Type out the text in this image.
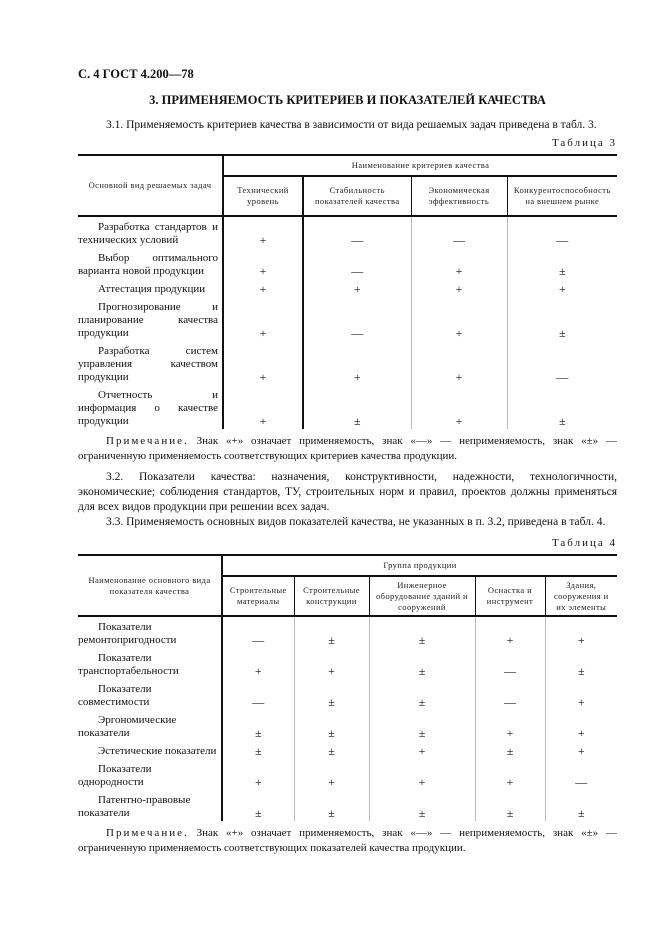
С. 4 ГОСТ 4.200—78
3. ПРИМЕНЯЕМОСТЬ КРИТЕРИЕВ И ПОКАЗАТЕЛЕЙ КАЧЕСТВА
3.1. Применяемость критериев качества в зависимости от вида решаемых задач приведена в табл. 3.
Таблица 3
Основной вид решаемых задач	Наименование критериев качества			
	Технический уровень	Стабильность показателей качества	Экономическая эффективность	Конкурентоспособность на внешнем рынке

Разработка стандартов и технических условий	+	—	—	—

Выбор оптимального варианта новой продукции	+	—	+	±

Аттестация продукции	+	+	+	+

Прогнозирование и планирование качества продукции	+	—	+	±

Разработка систем управления качеством продукции	+	+	+	—

Отчетность и информация о качестве продукции	+	±	+	±
Примечание. Знак «+» означает применяемость, знак «—» — неприменяемость, знак «±» — ограниченную применяемость соответствующих критериев качества продукции.
3.2. Показатели качества: назначения, конструктивности, надежности, технологичности, экономические; соблюдения стандартов, ТУ, строительных норм и правил, проектов должны применяться для всех видов продукции при решении всех задач.
3.3. Применяемость основных видов показателей качества, не указанных в п. 3.2, приведена в табл. 4.
Таблица 4
Наименование основного вида показателя качества	Группа продукции				
	Строительные материалы	Строительные конструкции	Инженерное оборудование зданий и сооружений	Оснастка и инструмент	Здания, сооружения и их элементы

Показатели ремонтопригодности	—	±	±	+	+

Показатели транспортабельности	+	+	±	—	±

Показатели совместимости	—	±	±	—	+

Эргономические показатели	±	±	±	+	+

Эстетические показатели	±	±	+	±	+

Показатели однородности	+	+	+	+	—

Патентно-правовые показатели	±	±	±	±	±
Примечание. Знак «+» означает применяемость, знак «—» — неприменяемость, знак «±» — ограниченную применяемость соответствующих показателей качества продукции.
